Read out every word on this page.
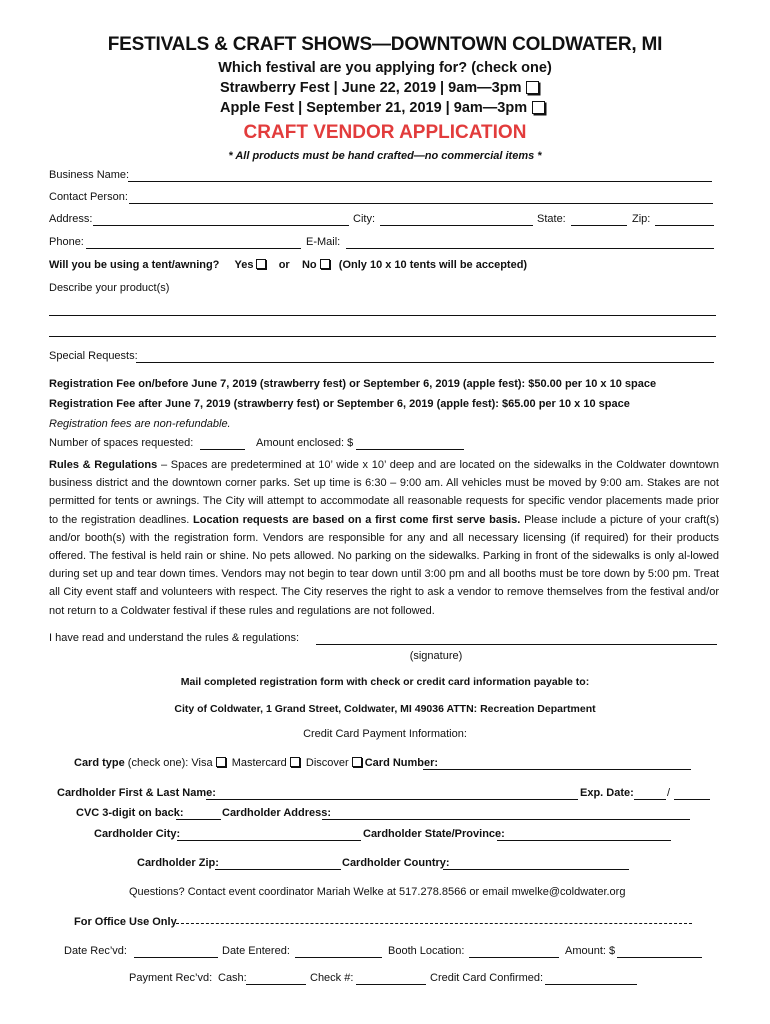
FESTIVALS & CRAFT SHOWS—DOWNTOWN COLDWATER, MI
Which festival are you applying for? (check one)
Strawberry Fest | June 22, 2019 | 9am—3pm
Apple Fest | September 21, 2019 | 9am—3pm
CRAFT VENDOR APPLICATION
* All products must be hand crafted—no commercial items *
Business Name:
Contact Person:
Address:	City:	State:	Zip:
Phone:	E-Mail:
Will you be using a tent/awning? Yes or No (Only 10 x 10 tents will be accepted)
Describe your product(s)
Special Requests:
Registration Fee on/before June 7, 2019 (strawberry fest) or September 6, 2019 (apple fest): $50.00 per 10 x 10 space
Registration Fee after June 7, 2019 (strawberry fest) or September 6, 2019 (apple fest): $65.00 per 10 x 10 space
Registration fees are non-refundable.
Number of spaces requested:	Amount enclosed: $
Rules & Regulations – Spaces are predetermined at 10’ wide x 10’ deep and are located on the sidewalks in the Coldwater downtown business district and the downtown corner parks. Set up time is 6:30 – 9:00 am. All vehicles must be moved by 9:00 am. Stakes are not permitted for tents or awnings. The City will attempt to accommodate all reasonable requests for specific vendor placements made prior to the registration deadlines. Location requests are based on a first come first serve basis. Please include a picture of your craft(s) and/or booth(s) with the registration form. Vendors are responsible for any and all necessary licensing (if required) for their products offered. The festival is held rain or shine. No pets allowed. No parking on the sidewalks. Parking in front of the sidewalks is only al-lowed during set up and tear down times. Vendors may not begin to tear down until 3:00 pm and all booths must be tore down by 5:00 pm. Treat all City event staff and volunteers with respect. The City reserves the right to ask a vendor to remove themselves from the festival and/or not return to a Coldwater festival if these rules and regulations are not followed.
I have read and understand the rules & regulations:
(signature)
Mail completed registration form with check or credit card information payable to:
City of Coldwater, 1 Grand Street, Coldwater, MI 49036 ATTN: Recreation Department
Credit Card Payment Information:
Card type (check one): Visa Mastercard Discover Card Number:
Cardholder First & Last Name:	Exp. Date:	/
CVC 3-digit on back:	Cardholder Address:
Cardholder City:	Cardholder State/Province:
Cardholder Zip:	Cardholder Country:
Questions? Contact event coordinator Mariah Welke at 517.278.8566 or email mwelke@coldwater.org
For Office Use Only
Date Rec’vd:	Date Entered:	Booth Location:	Amount: $
Payment Rec’vd: Cash:	Check #:	Credit Card Confirmed:
